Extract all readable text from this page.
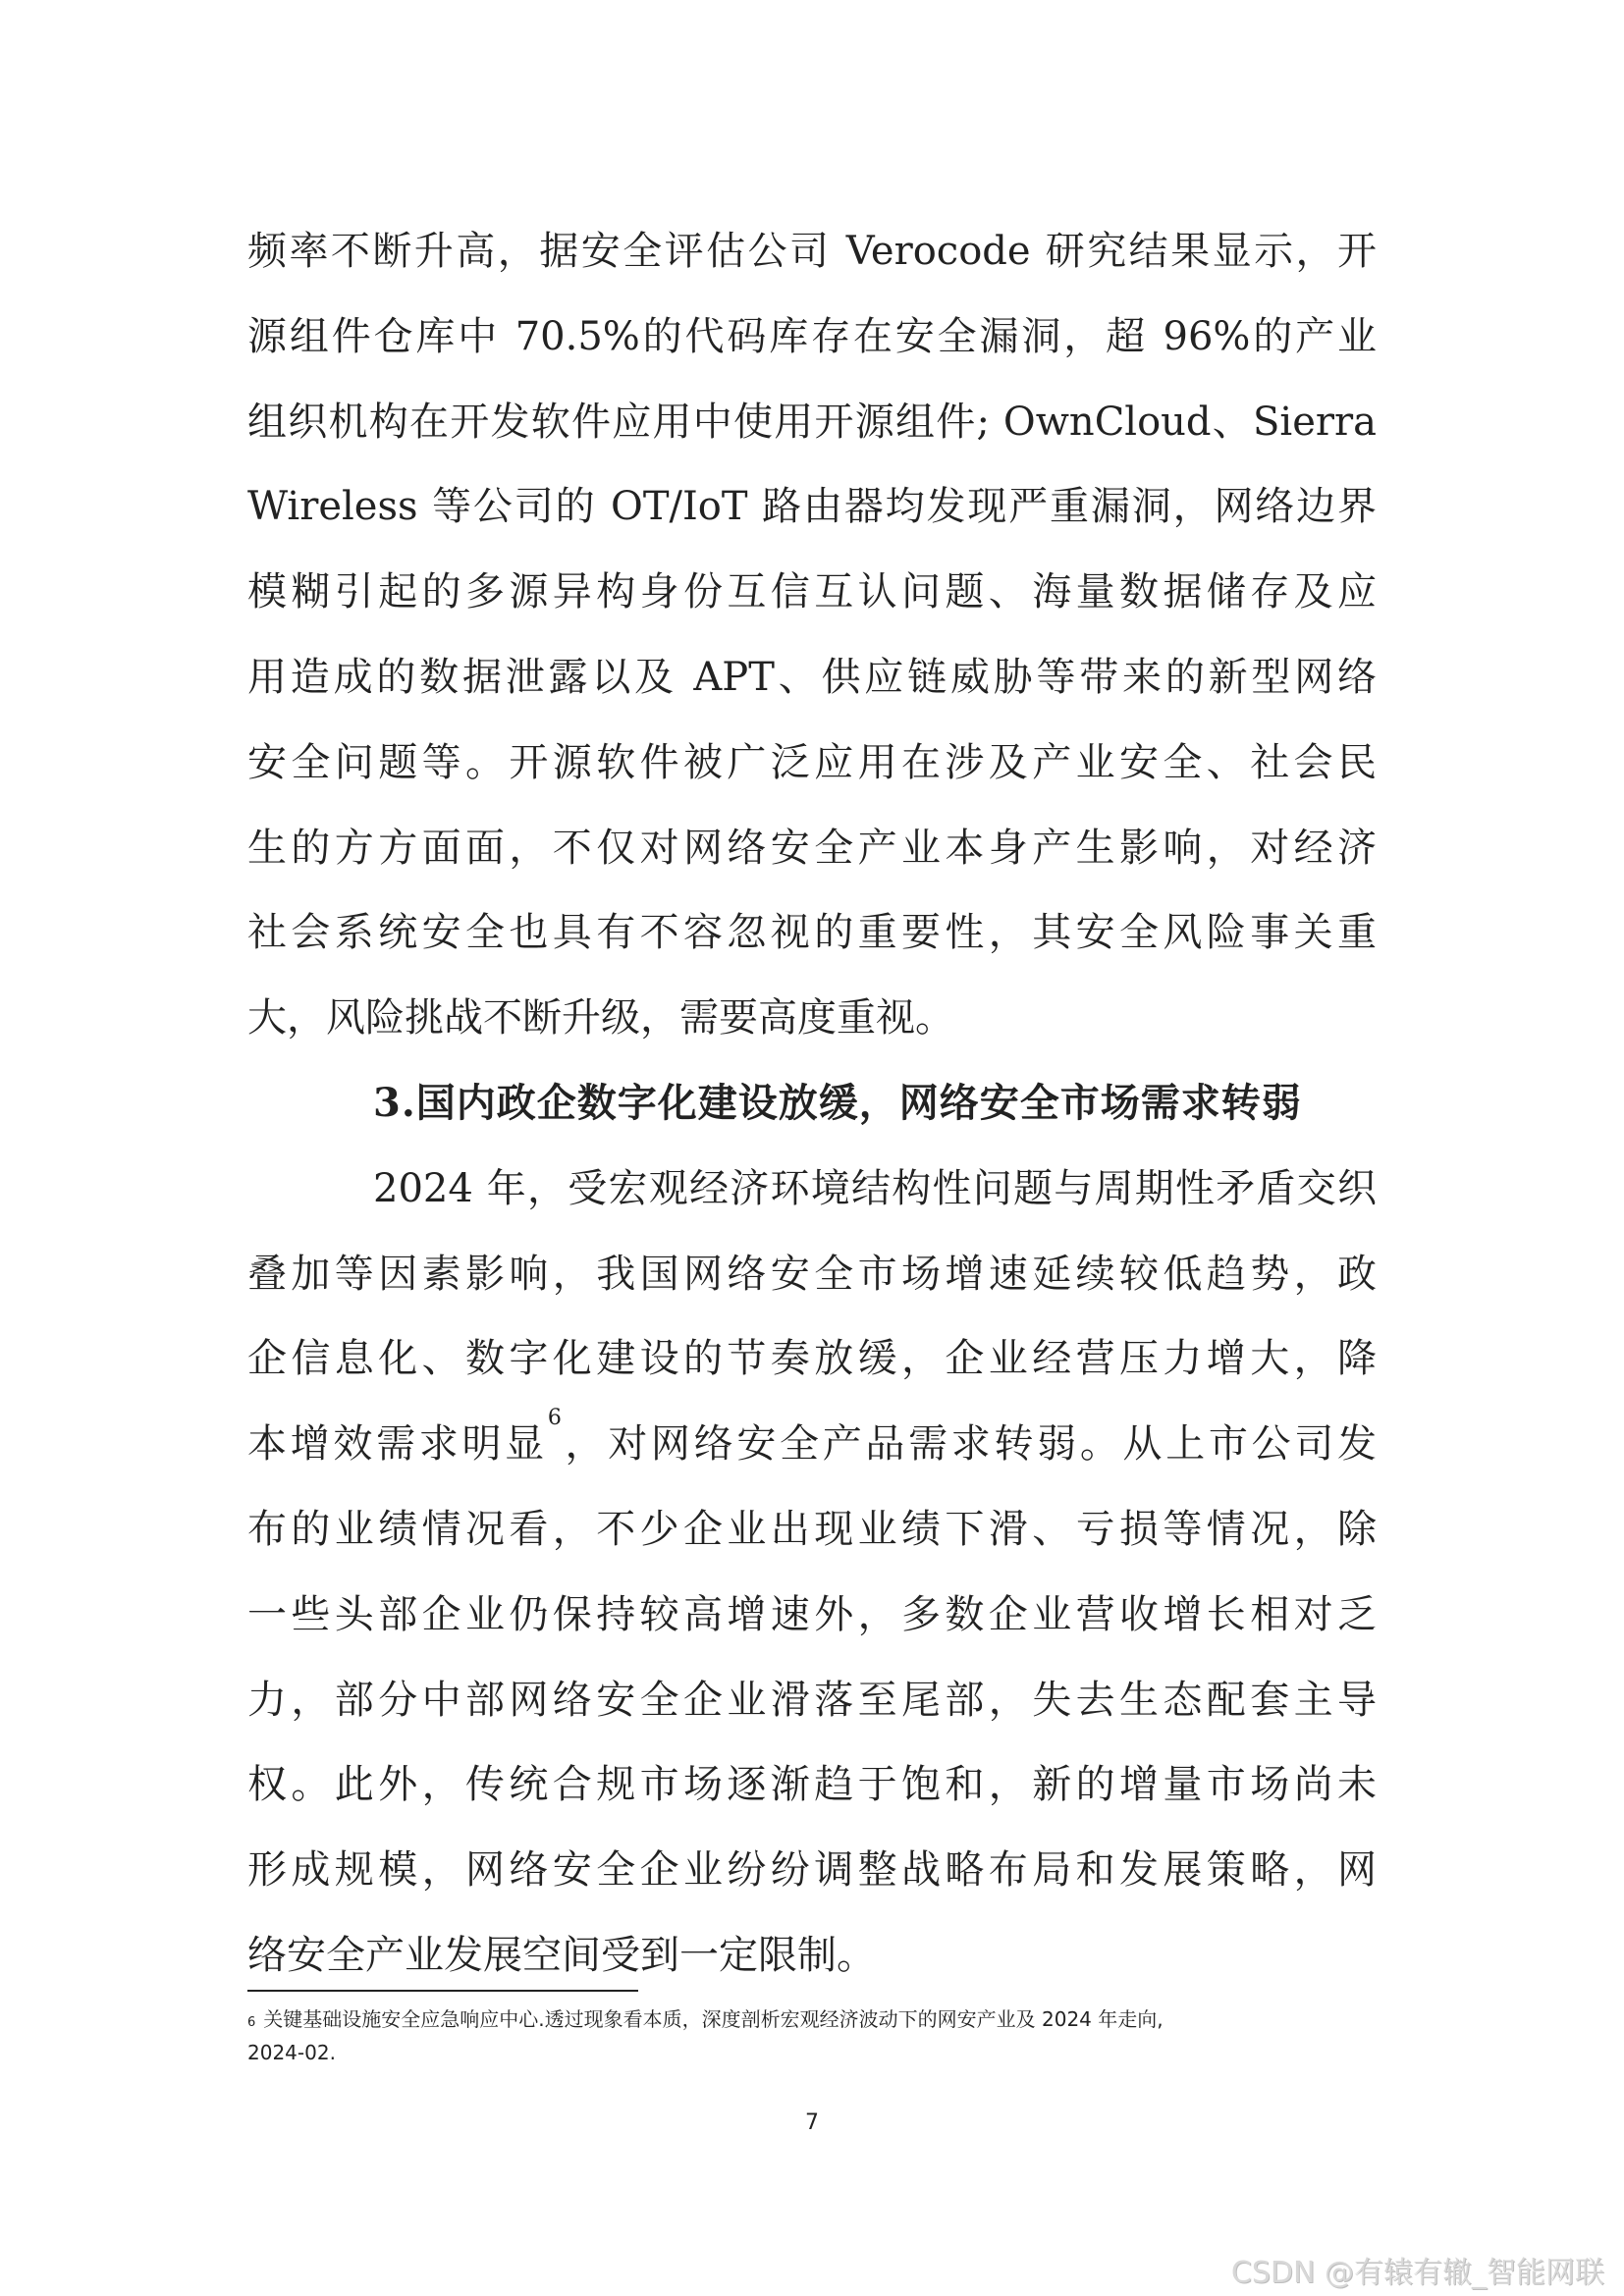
频率不断升高，据安全评估公司 Verocode 研究结果显示，开
源组件仓库中 70.5%的代码库存在安全漏洞，超 96%的产业
组织机构在开发软件应用中使用开源组件; OwnCloud、Sierra
Wireless 等公司的 OT/IoT 路由器均发现严重漏洞，网络边界
模糊引起的多源异构身份互信互认问题、海量数据储存及应
用造成的数据泄露以及 APT、供应链威胁等带来的新型网络
安全问题等。开源软件被广泛应用在涉及产业安全、社会民
生的方方面面，不仅对网络安全产业本身产生影响，对经济
社会系统安全也具有不容忽视的重要性，其安全风险事关重
大，风险挑战不断升级，需要高度重视。
3.国内政企数字化建设放缓，网络安全市场需求转弱
2024 年，受宏观经济环境结构性问题与周期性矛盾交织
叠加等因素影响，我国网络安全市场增速延续较低趋势，政
企信息化、数字化建设的节奏放缓，企业经营压力增大，降
本增效需求明显$^6$，对网络安全产品需求转弱。从上市公司发
布的业绩情况看，不少企业出现业绩下滑、亏损等情况，除
一些头部企业仍保持较高增速外，多数企业营收增长相对乏
力，部分中部网络安全企业滑落至尾部，失去生态配套主导
权。此外，传统合规市场逐渐趋于饱和，新的增量市场尚未
形成规模，网络安全企业纷纷调整战略布局和发展策略，网
络安全产业发展空间受到一定限制。
$^6$ 关键基础设施安全应急响应中心.透过现象看本质，深度剖析宏观经济波动下的网安产业及 2024 年走向,
2024-02.
7
CSDN @有辕有辙_智能网联
